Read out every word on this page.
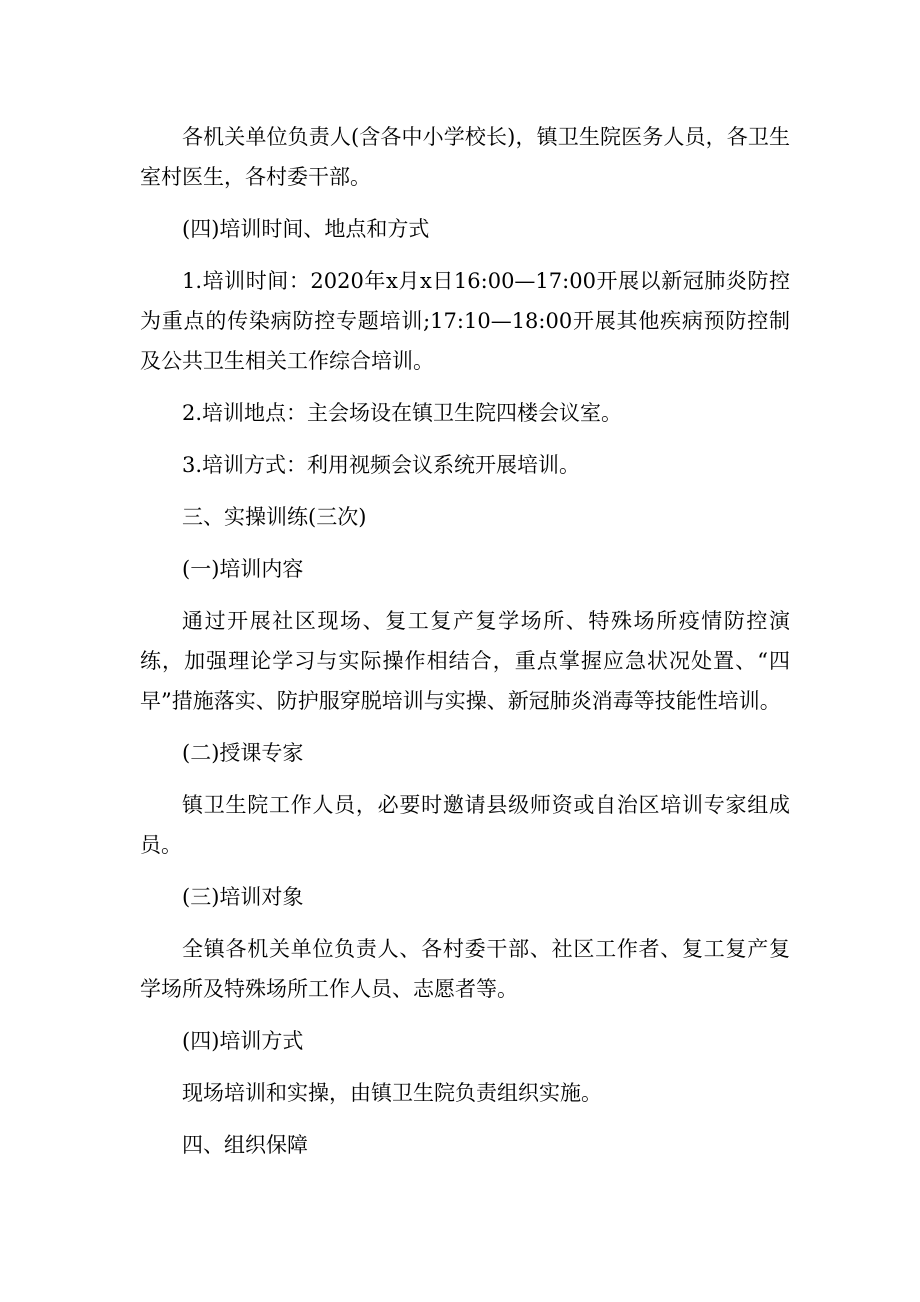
各机关单位负责人(含各中小学校长)，镇卫生院医务人员，各卫生室村医生，各村委干部。

(四)培训时间、地点和方式

1.培训时间：2020年x月x日16:00—17:00开展以新冠肺炎防控为重点的传染病防控专题培训;17:10—18:00开展其他疾病预防控制及公共卫生相关工作综合培训。

2.培训地点：主会场设在镇卫生院四楼会议室。

3.培训方式：利用视频会议系统开展培训。

三、实操训练(三次)

(一)培训内容

通过开展社区现场、复工复产复学场所、特殊场所疫情防控演练，加强理论学习与实际操作相结合，重点掌握应急状况处置、“四早”措施落实、防护服穿脱培训与实操、新冠肺炎消毒等技能性培训。

(二)授课专家

镇卫生院工作人员，必要时邀请县级师资或自治区培训专家组成员。

(三)培训对象

全镇各机关单位负责人、各村委干部、社区工作者、复工复产复学场所及特殊场所工作人员、志愿者等。

(四)培训方式

现场培训和实操，由镇卫生院负责组织实施。

四、组织保障
